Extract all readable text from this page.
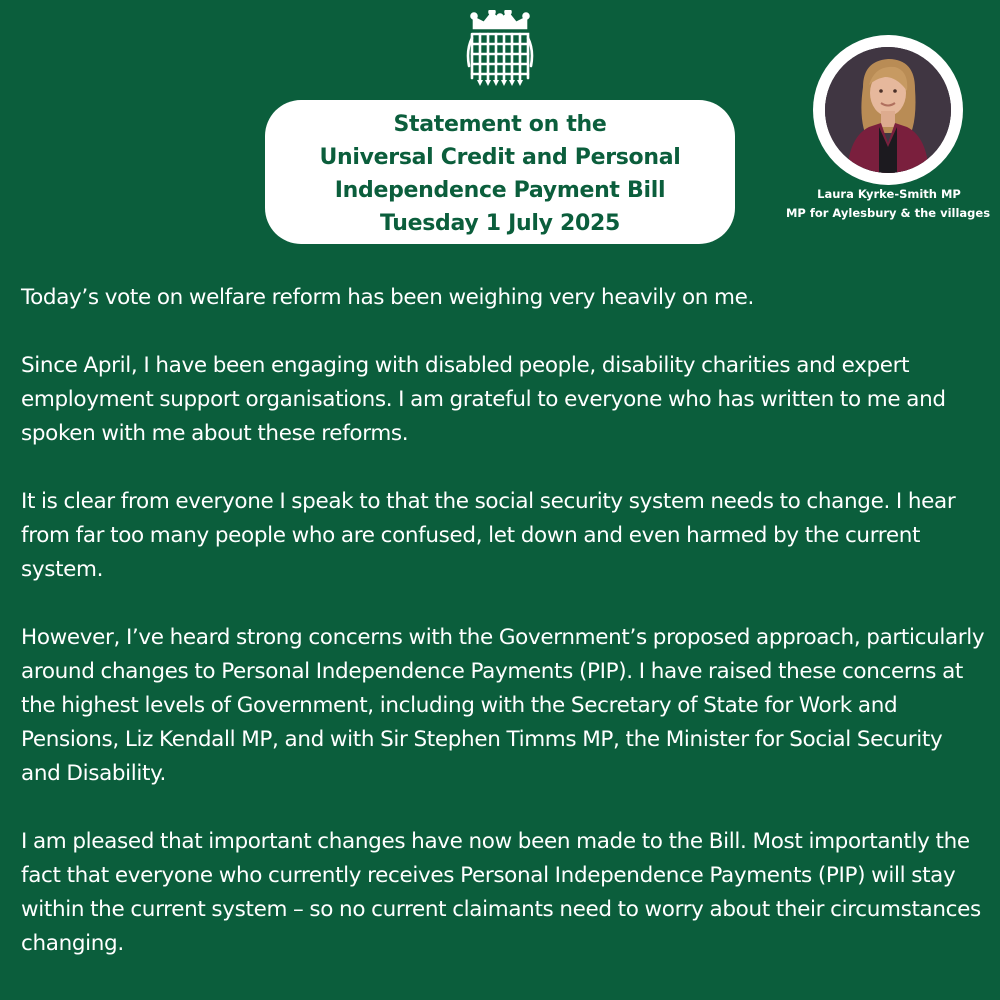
Statement on the
Universal Credit and Personal
Independence Payment Bill
Tuesday 1 July 2025
Laura Kyrke-Smith MP
MP for Aylesbury & the villages

Today’s vote on welfare reform has been weighing very heavily on me.

Since April, I have been engaging with disabled people, disability charities and expert employment support organisations. I am grateful to everyone who has written to me and spoken with me about these reforms.

It is clear from everyone I speak to that the social security system needs to change. I hear from far too many people who are confused, let down and even harmed by the current system.

However, I’ve heard strong concerns with the Government’s proposed approach, particularly around changes to Personal Independence Payments (PIP). I have raised these concerns at the highest levels of Government, including with the Secretary of State for Work and Pensions, Liz Kendall MP, and with Sir Stephen Timms MP, the Minister for Social Security and Disability.

I am pleased that important changes have now been made to the Bill. Most importantly the fact that everyone who currently receives Personal Independence Payments (PIP) will stay within the current system – so no current claimants need to worry about their circumstances changing.
